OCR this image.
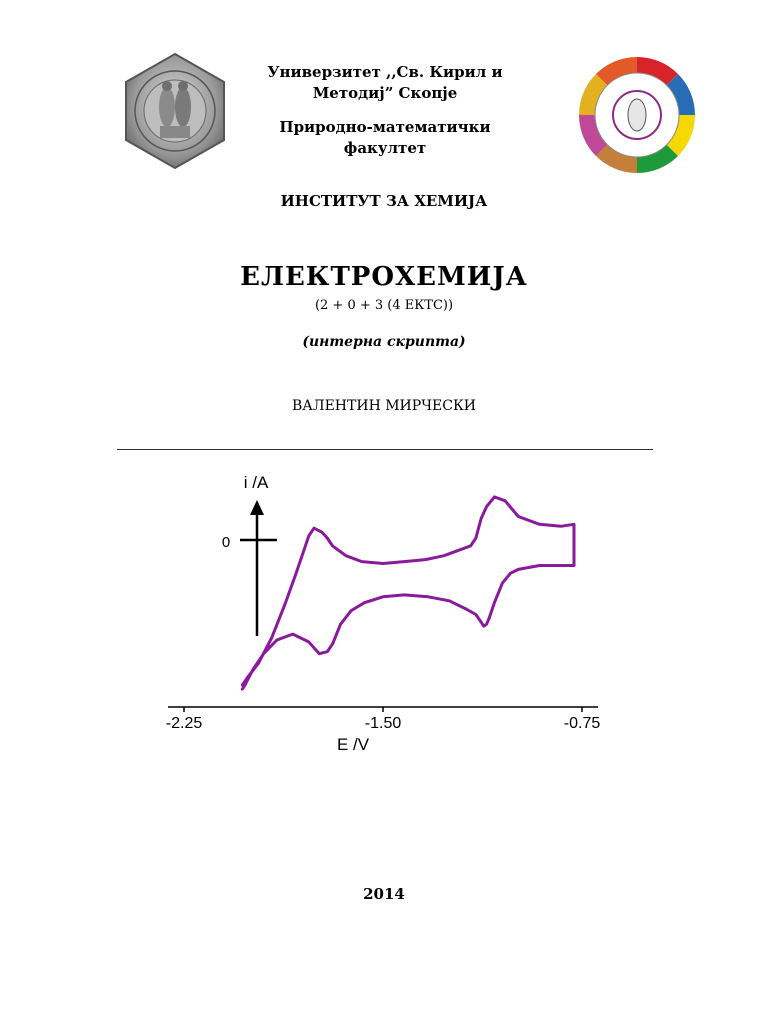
Универзитет ,,Св. Кирил и Методиј” Скопје
Природно-математички факултет
ИНСТИТУТ ЗА ХЕМИЈА
ЕЛЕКТРОХЕМИЈА
(2 + 0 + 3 (4 ЕКТС))
(интерна скрипта)
ВАЛЕНТИН МИРЧЕСКИ
i /A
E /V
0
-2.25	-1.50	-0.75
2014
